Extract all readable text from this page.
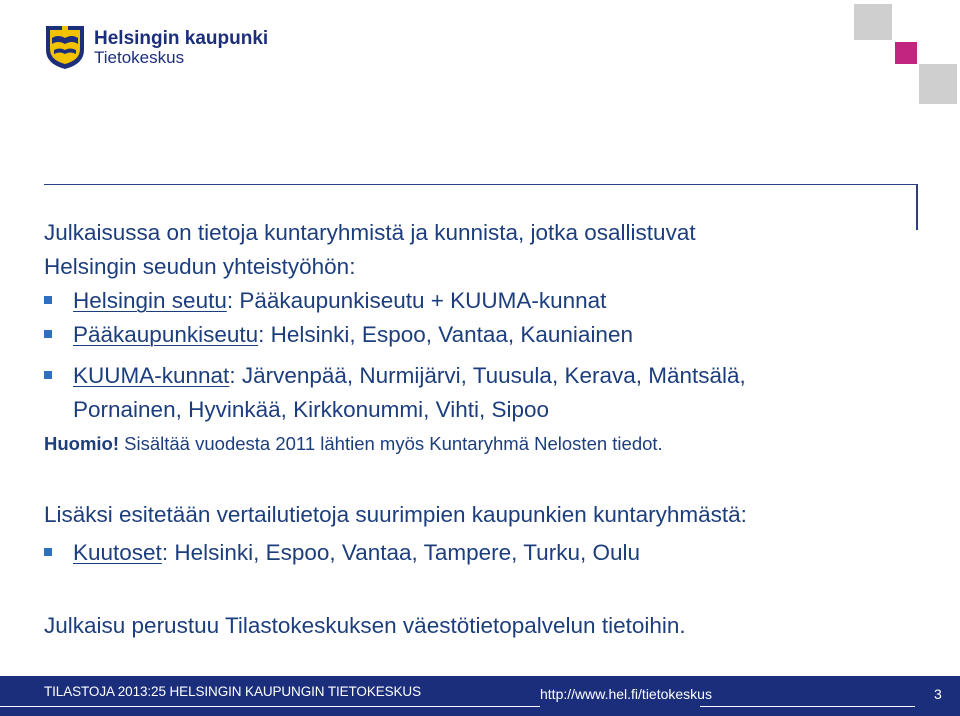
Helsingin kaupunki
Tietokeskus
Julkaisussa on tietoja kuntaryhmistä ja kunnista, jotka osallistuvat
Helsingin seudun yhteistyöhön:
Helsingin seutu: Pääkaupunkiseutu + KUUMA-kunnat
Pääkaupunkiseutu: Helsinki, Espoo, Vantaa, Kauniainen
KUUMA-kunnat: Järvenpää, Nurmijärvi, Tuusula, Kerava, Mäntsälä,
Pornainen, Hyvinkää, Kirkkonummi, Vihti, Sipoo
Huomio! Sisältää vuodesta 2011 lähtien myös Kuntaryhmä Nelosten tiedot.
Lisäksi esitetään vertailutietoja suurimpien kaupunkien kuntaryhmästä:
Kuutoset: Helsinki, Espoo, Vantaa, Tampere, Turku, Oulu
Julkaisu perustuu Tilastokeskuksen väestötietopalvelun tietoihin.
TILASTOJA 2013:25 HELSINGIN KAUPUNGIN TIETOKESKUS	http://www.hel.fi/tietokeskus	3
